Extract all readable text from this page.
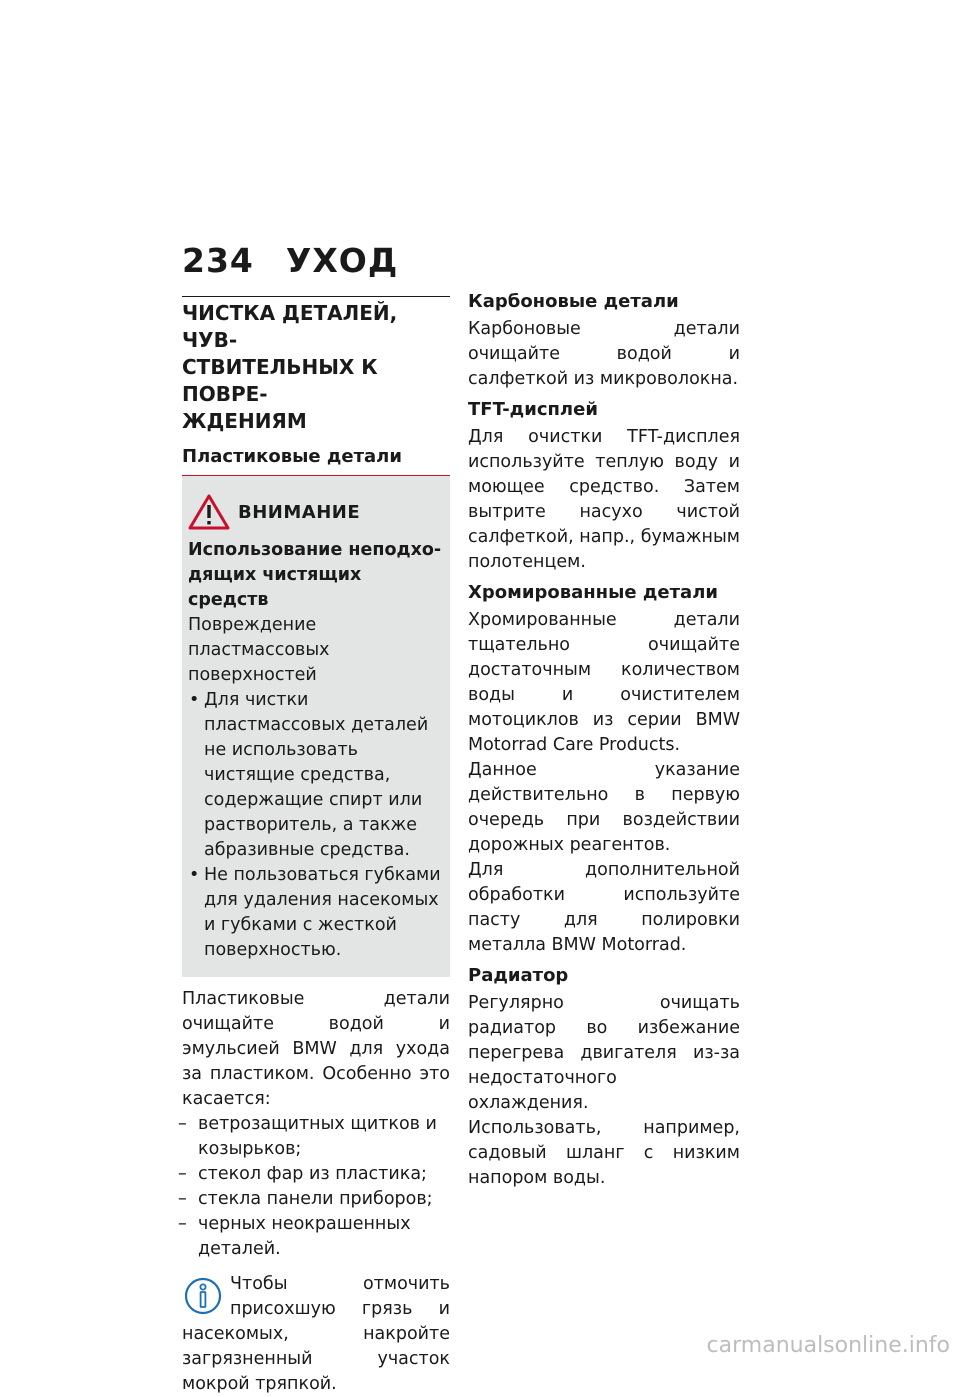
234 УХОД
ЧИСТКА ДЕТАЛЕЙ, ЧУВ-
СТВИТЕЛЬНЫХ К ПОВРЕ-
ЖДЕНИЯМ
Пластиковые детали
ВНИМАНИЕ

Использование неподхо-
дящих чистящих средств

Повреждение пластмассовых поверхностей

• Для чистки пластмассовых деталей не использовать чистящие средства, содержащие спирт или растворитель, а также абразивные средства.
• Не пользоваться губками для удаления насекомых и губками с жесткой поверхностью.

Пластиковые детали очищайте водой и эмульсией BMW для ухода за пластиком. Особенно это касается:

– ветрозащитных щитков и козырьков;
– стекол фар из пластика;
– стекла панели приборов;
– черных неокрашенных деталей.

Чтобы отмочить присохшую грязь и насекомых, накройте загрязненный участок мокрой тряпкой.

Карбоновые детали

Карбоновые детали очищайте водой и салфеткой из микроволокна.

TFT-дисплей

Для очистки TFT-дисплея используйте теплую воду и моющее средство. Затем вытрите насухо чистой салфеткой, напр., бумажным полотенцем.

Хромированные детали

Хромированные детали тщательно очищайте достаточным количеством воды и очистителем мотоциклов из серии BMW Motorrad Care Products.

Данное указание действительно в первую очередь при воздействии дорожных реагентов.

Для дополнительной обработки используйте пасту для полировки металла BMW Motorrad.

Радиатор

Регулярно очищать радиатор во избежание перегрева двигателя из-за недостаточного охлаждения.

Использовать, например, садовый шланг с низким напором воды.

carmanualsonline.info
